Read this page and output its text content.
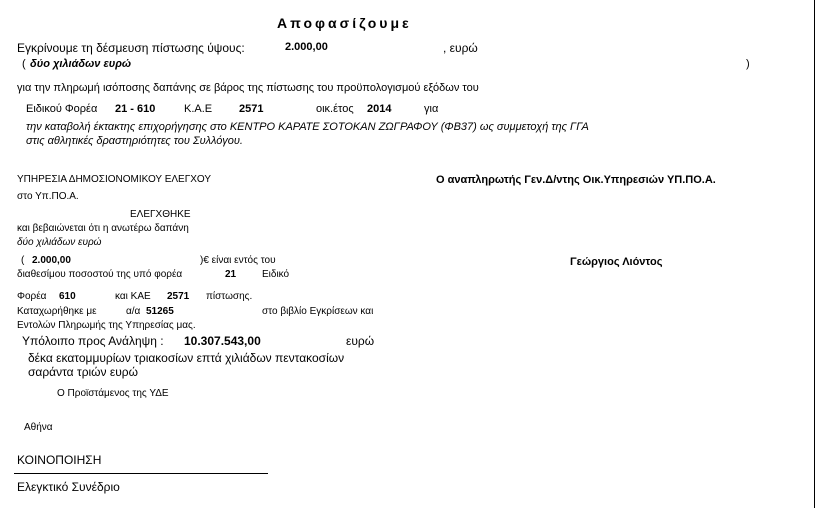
Αποφασίζουμε
Εγκρίνουμε τη δέσμευση πίστωσης ύψους:	2.000,00	, ευρώ
( δύο χιλιάδων ευρώ	)
για την πληρωμή ισόποσης δαπάνης σε βάρος της πίστωσης του προϋπολογισμού εξόδων του
Ειδικού Φορέα 21 - 610	Κ.Α.Ε 2571	οικ.έτος 2014	για
την καταβολή έκτακτης επιχορήγησης στο ΚΕΝΤΡΟ ΚΑΡΑΤΕ ΣΟΤΟΚΑΝ ΖΩΓΡΑΦΟΥ (ΦΒ37) ως συμμετοχή της ΓΓΑ
στις αθλητικές δραστηριότητες του Συλλόγου.
ΥΠΗΡΕΣΙΑ ΔΗΜΟΣΙΟΝΟΜΙΚΟΥ ΕΛΕΓΧΟΥ
στο Υπ.ΠΟ.Α.
ΕΛΕΓΧΘΗΚΕ
και βεβαιώνεται ότι η ανωτέρω δαπάνη
δύο χιλιάδων ευρώ
( 2.000,00	)€ είναι εντός του
διαθεσίμου ποσοστού της υπό φορέα	21	Ειδικό
Φορέα 610	και ΚΑΕ 2571 πίστωσης.
Καταχωρήθηκε με	α/α 51265	στο βιβλίο Εγκρίσεων και
Εντολών Πληρωμής της Υπηρεσίας μας.
Υπόλοιπο προς Ανάληψη : 10.307.543,00	ευρώ
δέκα εκατομμυρίων τριακοσίων επτά χιλιάδων πεντακοσίων
σαράντα τριών ευρώ
Ο Προϊστάμενος της ΥΔΕ
Αθήνα
Ο αναπληρωτής Γεν.Δ/ντης Οικ.Υπηρεσιών ΥΠ.ΠΟ.Α.
Γεώργιος Λιόντος
ΚΟΙΝΟΠΟΙΗΣΗ
Ελεγκτικό Συνέδριο
